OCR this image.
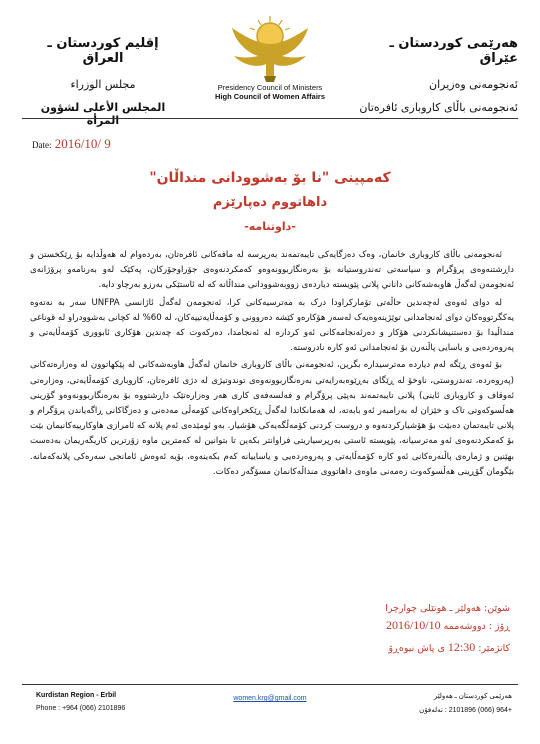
هەرێمی کوردستان ـ عێراق
ئەنجومەنی وەزیران
ئەنجومەنی باڵای کاروباری ئافرەتان
Presidency Council of Ministers
High Council of Women Affairs
إقليم كوردستان ـ العراق
مجلس الوزراء
المجلس الأعلى لشؤون المرأة
Date: 2016/10/ 9
کەمپینی "نا بۆ بەشوودانی منداڵان"
داهاتووم دەپارێزم
-داوتنامە-

ئەنجومەنی باڵای کاروباری خانمان، وەک دەزگایەکی تایبەتمەند بەرپرسە لە مافەکانی ئافرەتان، بەردەوام لە هەوڵدایە بۆ ڕێکخستن و داڕشتنەوەی پرۆگرام و سیاسەتی تەندروستیانە بۆ بەرەنگاربوونەوەو کەمکردنەوەی جۆراوجۆرکان، پەکێک لەو بەرنامەو پرۆژانەی ئەنجومەن لەگەڵ هاوبەشەکانی داناني پلانی پێویستە دیاردەی زووبەشوودانی منداڵانە کە لە ئاستێکی بەرزو بەرچاو دایە.

لە دوای ئەوەی لەچەندین حاڵەتی تۆمارکراودا درک بە مەترسیەکانی کرا، ئەنجومەن لەگەڵ ئاژانسی UNFPA سەر بە نەتەوە یەکگرتووەکان دوای ئەنجامدانی توێژینەوەیەک لەسەر هۆکارەو کێشە دەروونی و کۆمەڵایەتییەکان، لە 60% لە کچانی بەشوودراو لە قوناغی منداڵیدا بۆ دەستنیشانکردنی هۆکار و دەرئەنجامەکانی ئەو کردارە لە ئەنجامدا، دەرکەوت کە چەندین هۆکاری ئابووری کۆمەڵایەتی و پەروەردەیی و یاسایی پاڵنەرن بۆ ئەنجامدانی ئەو کارە نادروستە.

بۆ ئەوەی ڕێگە لەم دیاردە مەترسیدارە بگرین، ئەنجومەنی باڵای کاروباری خانمان لەگەڵ هاوبەشەکانی لە پێکهاتوون لە وەزارەتەکانی (پەروەردە، تەندروستی، ناوخۆ لە ڕێگای بەڕێوەبەرایەتی بەرەنگاربوونەوەی توندوتیژی لە دژی ئافرەتان، کاروباری کۆمەڵایەتی، وەزارەتی ئەوقاف و کاروباری ئاینی) پلانی تایبەتمەند بەپێی پرۆگرام و فەلسەفەی کاری هەر وەزارەتێک داڕشتووە بۆ بەرەنگاربوونەوەو گۆرینی هەڵسوکەوتی تاک و خێزان لە بەرامبەر ئەو بابەتە، لە هەمانکاتدا لەگەڵ ڕێکخراوەکانی کۆمەڵی مەدەنی و دەزگاکانی ڕاگەیاندن پرۆگرام و پلانی تایبەتمان دەبێت بۆ هۆشیارکردنەوە و دروست کردنی کۆمەڵگەیەکی هۆشیار. بەو ئومێدەی ئەم پلانە کە ئامرازی هاوکارییەکانیمان بێت بۆ کەمکردنەوەی ئەو مەترسیانە، پێویستە ئاستی بەرپرسیاریتی فراوانتر بکەین تا بتوانین لە کەمترین ماوە زۆرترین کاریگەریمان بەدەست بهێنین و ژمارەی پاڵنەرەکانی ئەو کارە کۆمەڵایەتی و پەروەردەیی و یاساییانە کەم بکەینەوە، بۆیە ئەوەش ئامانجی سەرەکی پلانەکەمانە. بێگومان گۆڕینی هەڵسوکەوت زەمەنی ماوەی داهاتووی منداڵەکانمان مسۆگەر دەکات.

شوێن: هەولێر ـ هوتێلی چوارچرا
ڕۆژ : دووشەممە 2016/10/10
کاتژمێر: 12:30 ی پاش نیوەڕۆ
Kurdistan Region - Erbil
Phone : +964 (066) 2101896
women.krg@gmail.com	هەرێمی کوردستان ـ هەولێر
+964 (066) 2101896 : تەلەفۆن
